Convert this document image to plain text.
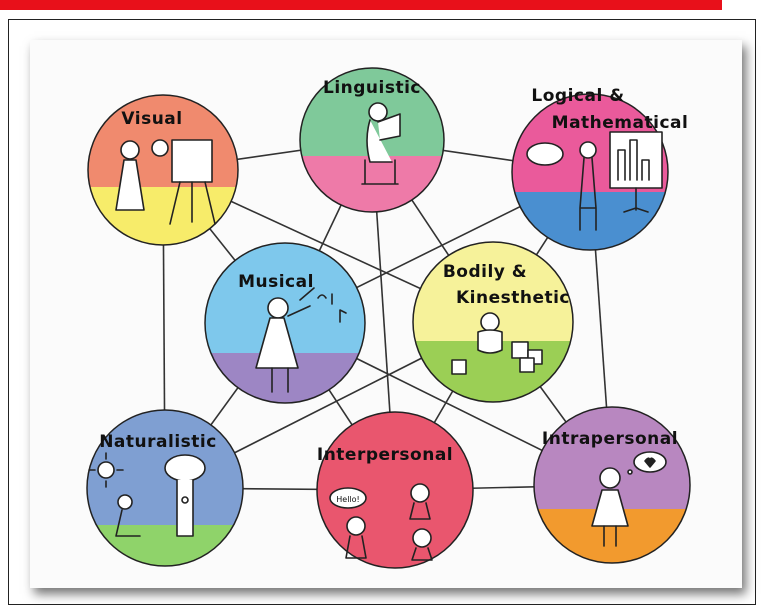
Linguistic
Visual
Logical &
Mathematical
Musical	Bodily &
Kinesthetic
Naturalistic
Hello!
Interpersonal
Intrapersonal
